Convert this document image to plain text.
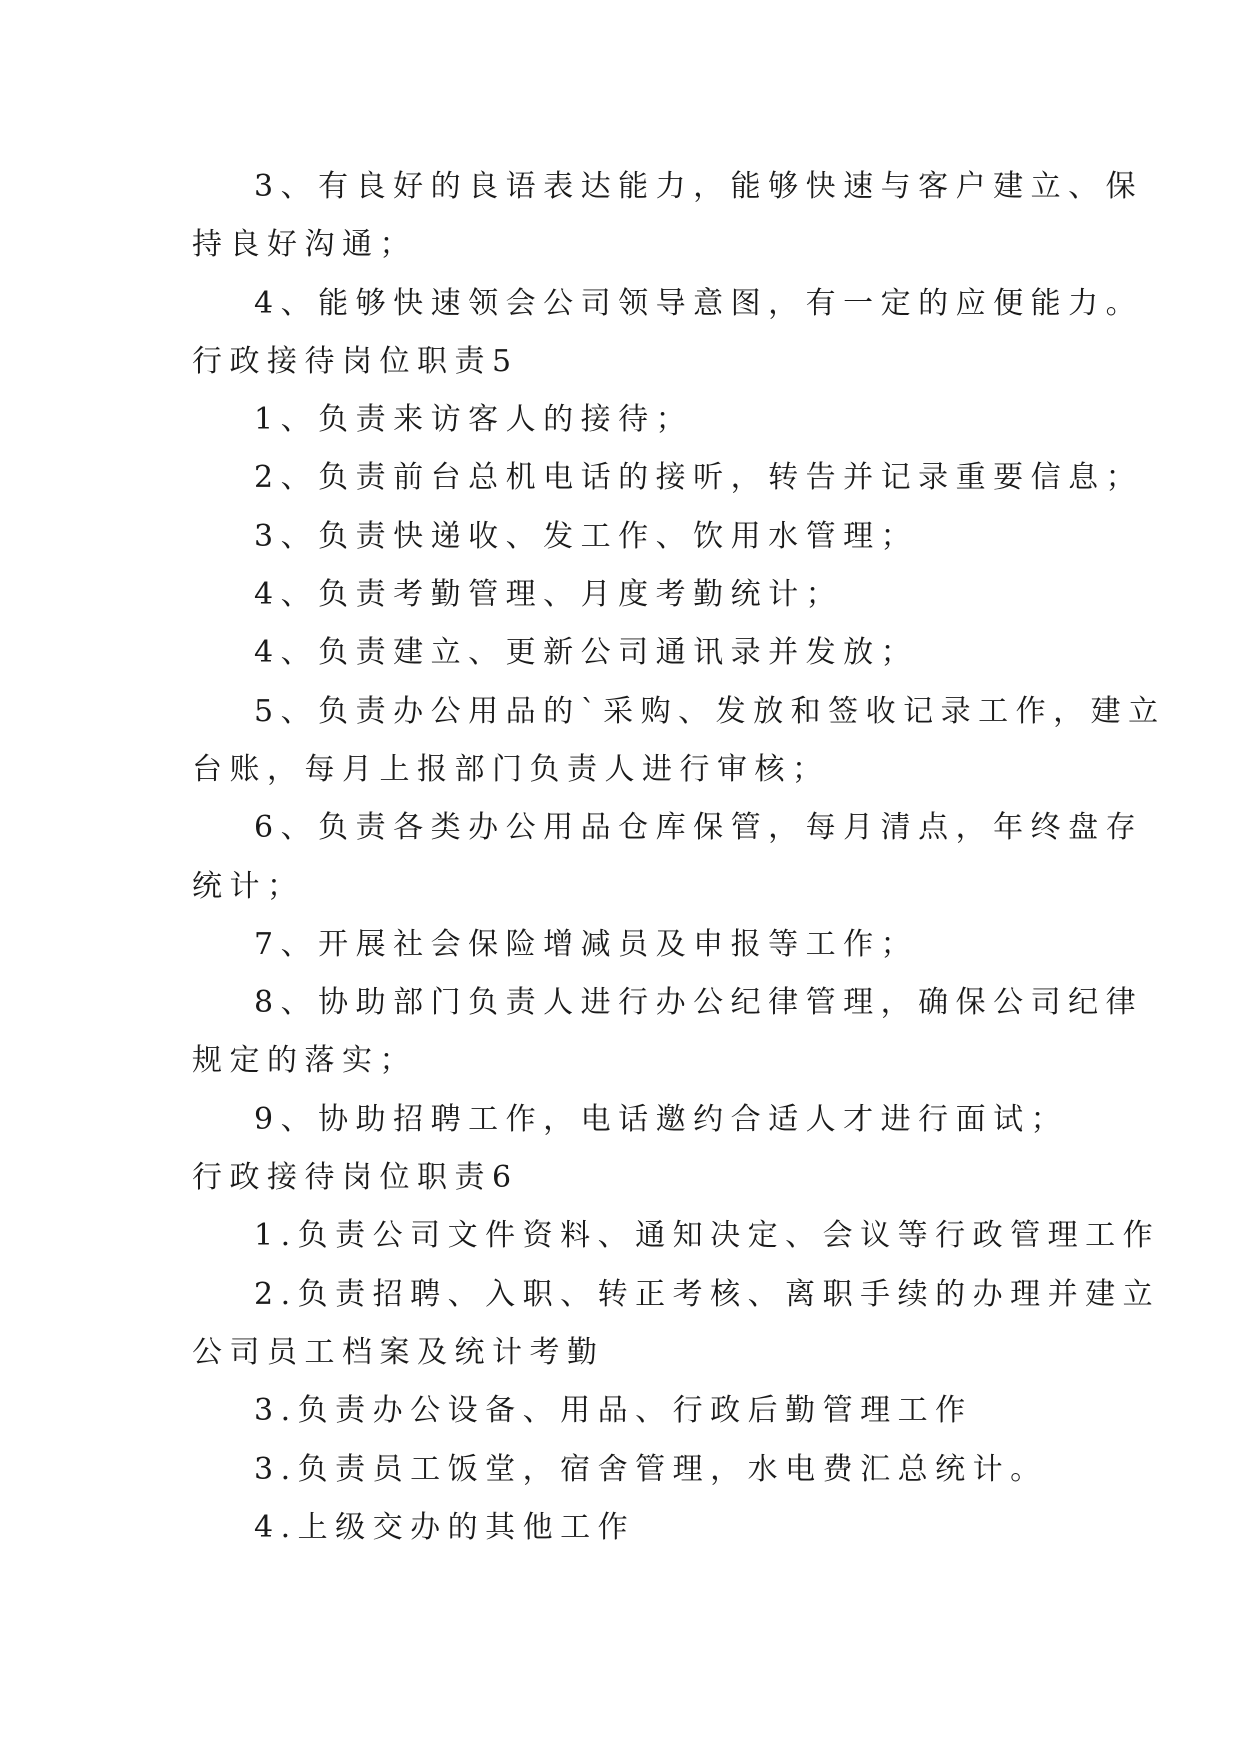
3、有良好的良语表达能力，能够快速与客户建立、保
持良好沟通；
4、能够快速领会公司领导意图，有一定的应便能力。
行政接待岗位职责5
1、负责来访客人的接待；
2、负责前台总机电话的接听，转告并记录重要信息；
3、负责快递收、发工作、饮用水管理；
4、负责考勤管理、月度考勤统计；
4、负责建立、更新公司通讯录并发放；
5、负责办公用品的`采购、发放和签收记录工作，建立
台账，每月上报部门负责人进行审核；
6、负责各类办公用品仓库保管，每月清点，年终盘存
统计；
7、开展社会保险增减员及申报等工作；
8、协助部门负责人进行办公纪律管理，确保公司纪律
规定的落实；
9、协助招聘工作，电话邀约合适人才进行面试；
行政接待岗位职责6
1.负责公司文件资料、通知决定、会议等行政管理工作
2.负责招聘、入职、转正考核、离职手续的办理并建立
公司员工档案及统计考勤
3.负责办公设备、用品、行政后勤管理工作
3.负责员工饭堂，宿舍管理，水电费汇总统计。
4.上级交办的其他工作
